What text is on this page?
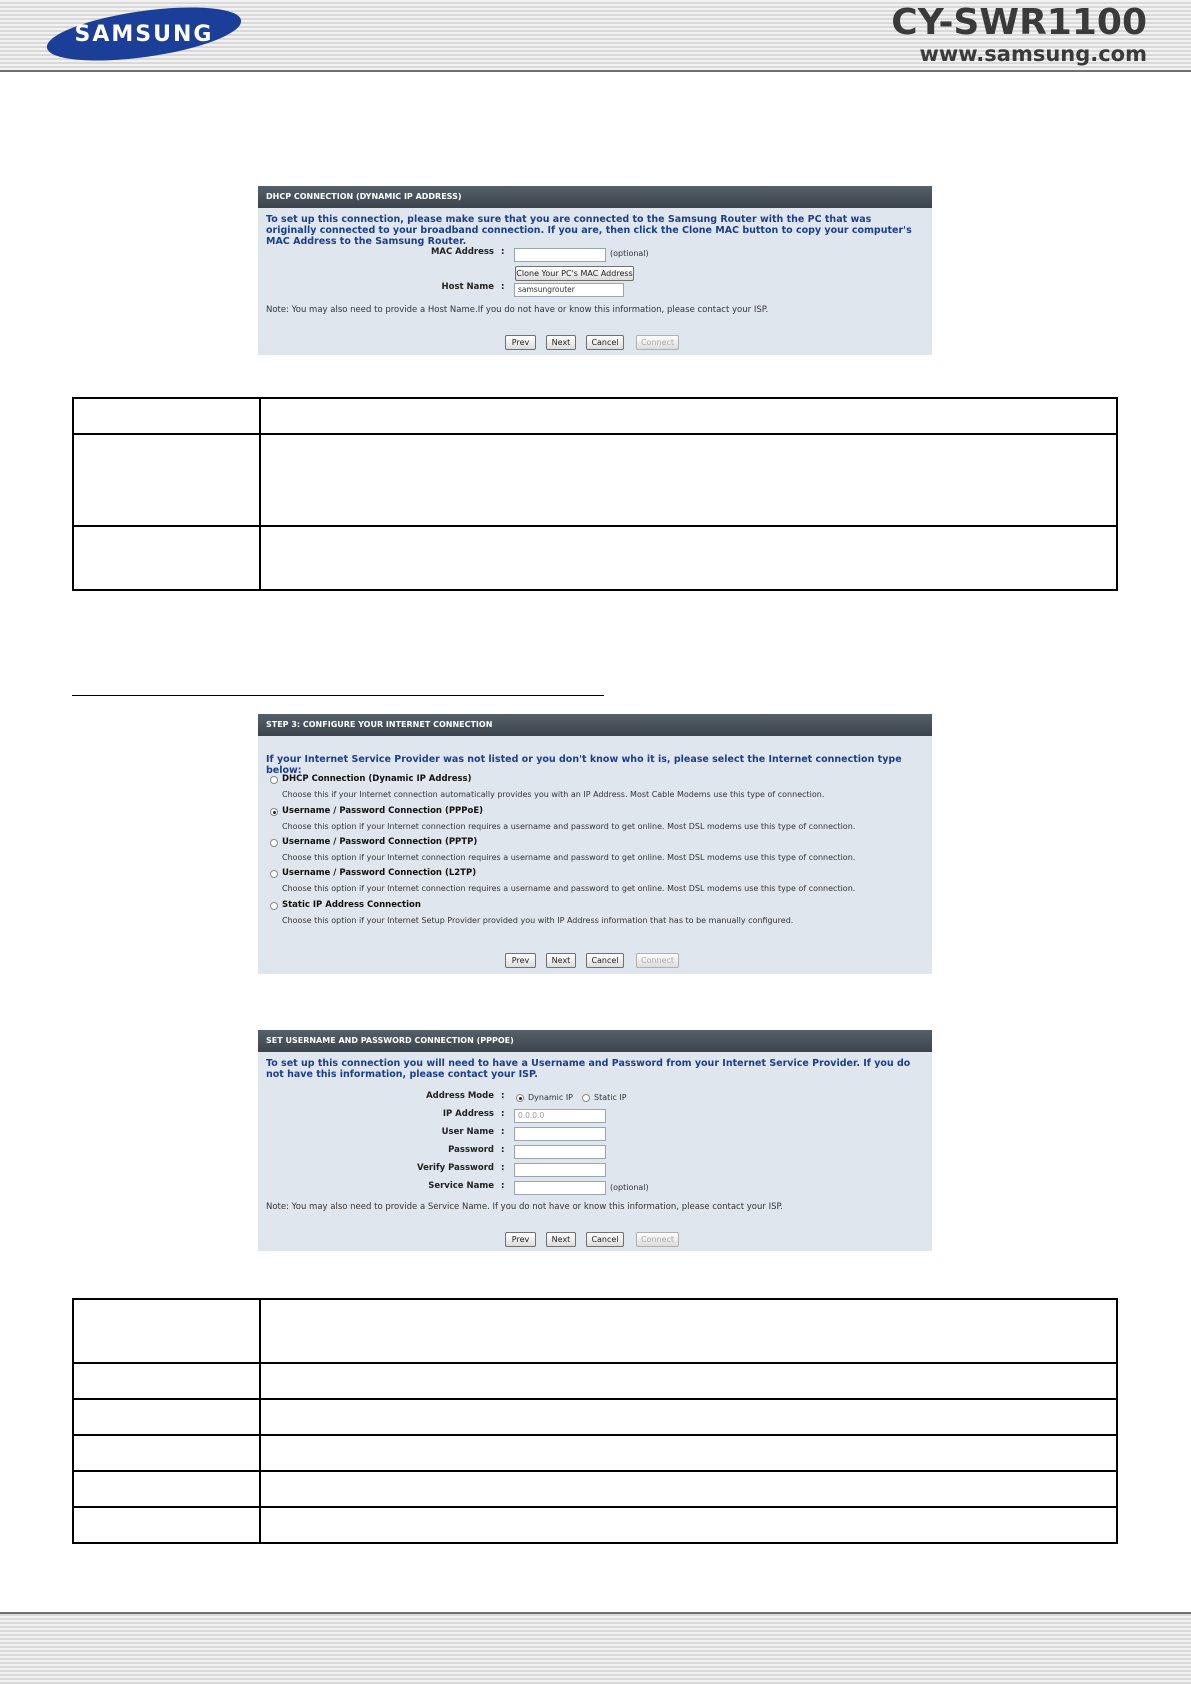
SAMSUNG	CY-SWR1100
www.samsung.com
DHCP CONNECTION (DYNAMIC IP ADDRESS)
To set up this connection, please make sure that you are connected to the Samsung Router with the PC that was originally connected to your broadband connection. If you are, then click the Clone MAC button to copy your computer's MAC Address to the Samsung Router.
MAC Address :	(optional)
Clone Your PC's MAC Address
Host Name :	samsungrouter
Note: You may also need to provide a Host Name.If you do not have or know this information, please contact your ISP.
Prev	Next	Cancel	Connect

STEP 3: CONFIGURE YOUR INTERNET CONNECTION
If your Internet Service Provider was not listed or you don't know who it is, please select the Internet connection type below:
DHCP Connection (Dynamic IP Address)
Choose this if your Internet connection automatically provides you with an IP Address. Most Cable Modems use this type of connection.
Username / Password Connection (PPPoE)
Choose this option if your Internet connection requires a username and password to get online. Most DSL modems use this type of connection.
Username / Password Connection (PPTP)
Choose this option if your Internet connection requires a username and password to get online. Most DSL modems use this type of connection.
Username / Password Connection (L2TP)
Choose this option if your Internet connection requires a username and password to get online. Most DSL modems use this type of connection.
Static IP Address Connection
Choose this option if your Internet Setup Provider provided you with IP Address information that has to be manually configured.
Prev	Next	Cancel	Connect
SET USERNAME AND PASSWORD CONNECTION (PPPOE)
To set up this connection you will need to have a Username and Password from your Internet Service Provider. If you do not have this information, please contact your ISP.
Address Mode :	Dynamic IP	Static IP
IP Address :	0.0.0.0
User Name :
Password :
Verify Password :
Service Name :	(optional)
Note: You may also need to provide a Service Name. If you do not have or know this information, please contact your ISP.
Prev	Next	Cancel	Connect
